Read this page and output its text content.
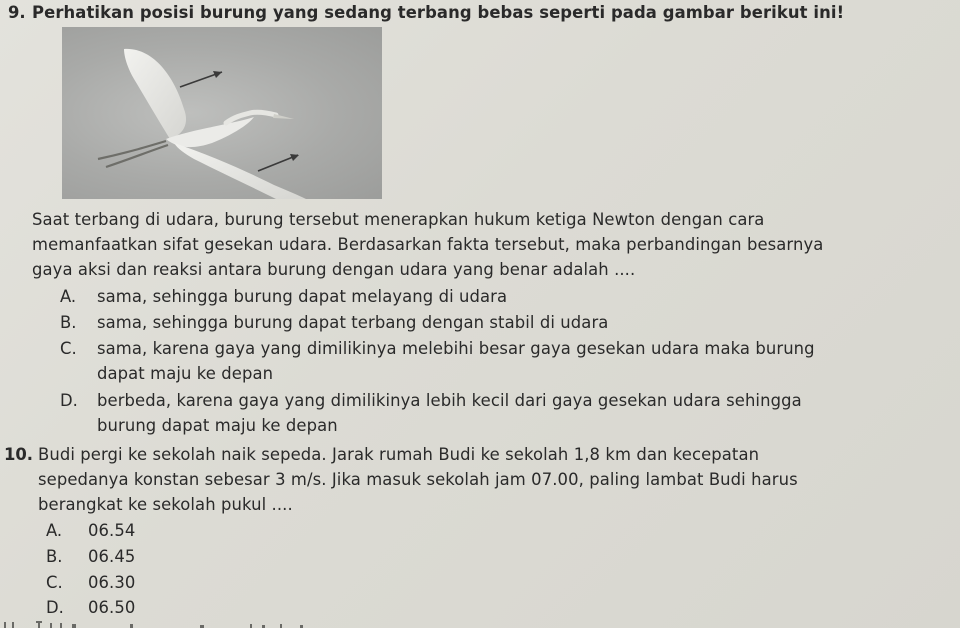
9. Perhatikan posisi burung yang sedang terbang bebas seperti pada gambar berikut ini!
Saat terbang di udara, burung tersebut menerapkan hukum ketiga Newton dengan cara
memanfaatkan sifat gesekan udara. Berdasarkan fakta tersebut, maka perbandingan besarnya
gaya aksi dan reaksi antara burung dengan udara yang benar adalah ....
A. sama, sehingga burung dapat melayang di udara
B. sama, sehingga burung dapat terbang dengan stabil di udara
C. sama, karena gaya yang dimilikinya melebihi besar gaya gesekan udara maka burung
dapat maju ke depan
D. berbeda, karena gaya yang dimilikinya lebih kecil dari gaya gesekan udara sehingga
burung dapat maju ke depan
10. Budi pergi ke sekolah naik sepeda. Jarak rumah Budi ke sekolah 1,8 km dan kecepatan
sepedanya konstan sebesar 3 m/s. Jika masuk sekolah jam 07.00, paling lambat Budi harus
berangkat ke sekolah pukul ....
A. 06.54
B. 06.45
C. 06.30
D. 06.50
